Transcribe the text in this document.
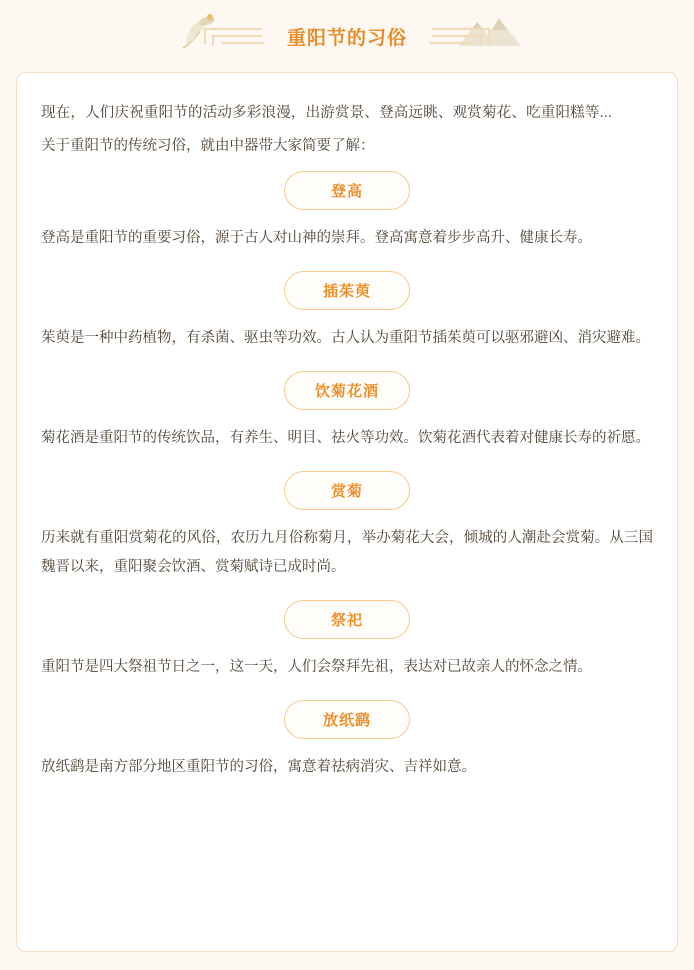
重阳节的习俗

现在，人们庆祝重阳节的活动多彩浪漫，出游赏景、登高远眺、观赏菊花、吃重阳糕等...

关于重阳节的传统习俗，就由中器带大家简要了解：

登高

登高是重阳节的重要习俗，源于古人对山神的崇拜。登高寓意着步步高升、健康长寿。

插茱萸

茱萸是一种中药植物，有杀菌、驱虫等功效。古人认为重阳节插茱萸可以驱邪避凶、消灾避难。

饮菊花酒

菊花酒是重阳节的传统饮品，有养生、明目、祛火等功效。饮菊花酒代表着对健康长寿的祈愿。

赏菊

历来就有重阳赏菊花的风俗，农历九月俗称菊月，举办菊花大会，倾城的人潮赴会赏菊。从三国魏晋以来，重阳聚会饮酒、赏菊赋诗已成时尚。

祭祀

重阳节是四大祭祖节日之一，这一天，人们会祭拜先祖，表达对已故亲人的怀念之情。

放纸鹞

放纸鹞是南方部分地区重阳节的习俗，寓意着祛病消灾、吉祥如意。
